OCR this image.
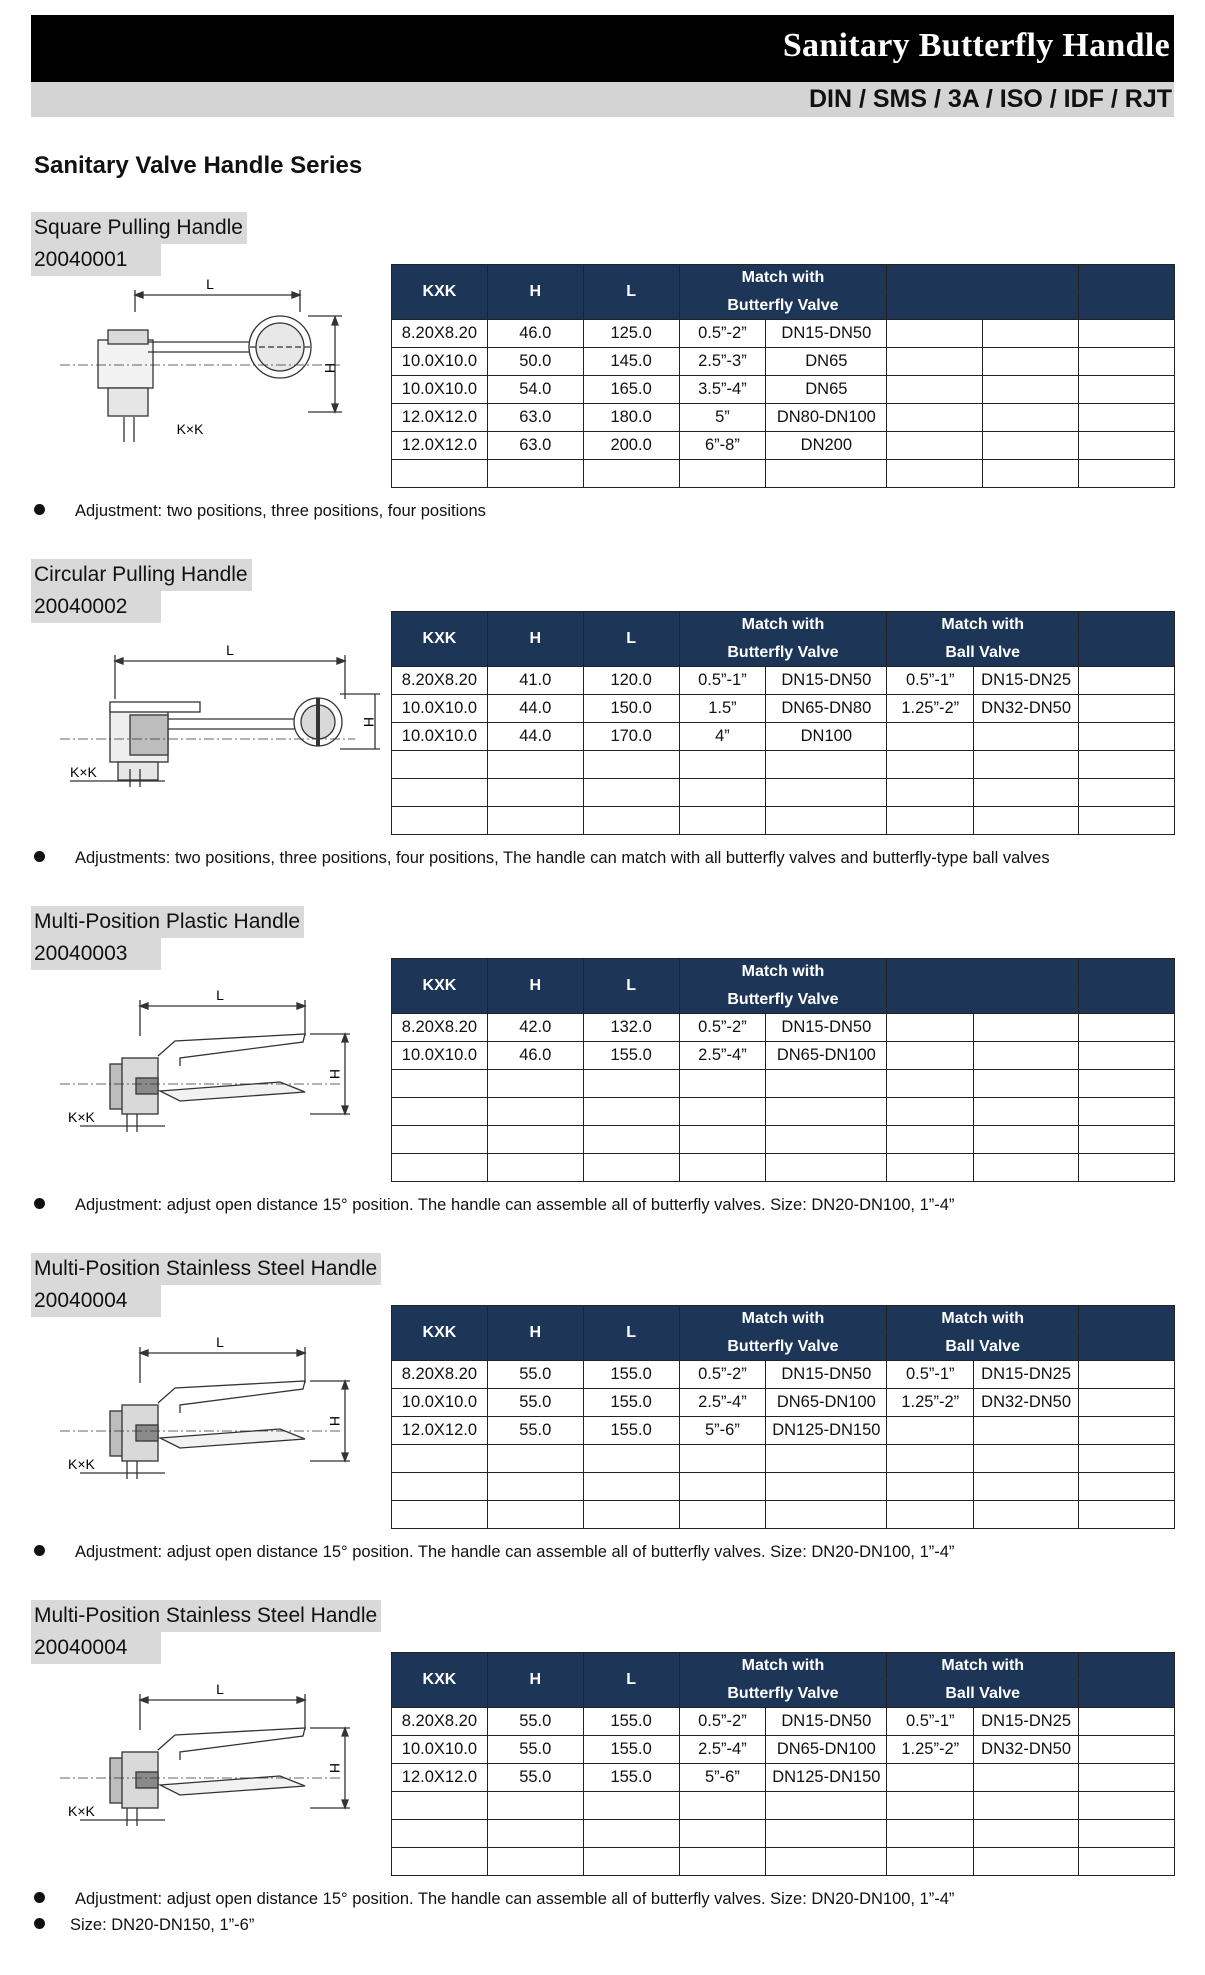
Sanitary Butterfly Handle
DIN / SMS / 3A / ISO / IDF / RJT
Sanitary Valve Handle Series
Square Pulling Handle
20040001
L
H
K×K
KXK	H	L	Match with				
			Butterfly Valve				
8.20X8.20	46.0	125.0	0.5”-2”	DN15-DN50			
10.0X10.0	50.0	145.0	2.5”-3”	DN65			
10.0X10.0	54.0	165.0	3.5”-4”	DN65			
12.0X12.0	63.0	180.0	5”	DN80-DN100			
12.0X12.0	63.0	200.0	6”-8”	DN200			

Adjustment: two positions, three positions, four positions
Circular Pulling Handle
20040002
L
H
K×K
KXK	H	L	Match with		Match with		
			Butterfly Valve		Ball Valve		
8.20X8.20	41.0	120.0	0.5”-1”	DN15-DN50	0.5”-1”	DN15-DN25	
10.0X10.0	44.0	150.0	1.5”	DN65-DN80	1.25”-2”	DN32-DN50	
10.0X10.0	44.0	170.0	4”	DN100			

Adjustments: two positions, three positions, four positions, The handle can match with all butterfly valves and butterfly-type ball valves
Multi-Position Plastic Handle
20040003
L
H
K×K
KXK	H	L	Match with				
			Butterfly Valve				
8.20X8.20	42.0	132.0	0.5”-2”	DN15-DN50			
10.0X10.0	46.0	155.0	2.5”-4”	DN65-DN100			

Adjustment: adjust open distance 15° position. The handle can assemble all of butterfly valves. Size: DN20-DN100, 1”-4”
Multi-Position Stainless Steel Handle
20040004
L
H
K×K
KXK	H	L	Match with		Match with		
			Butterfly Valve		Ball Valve		
8.20X8.20	55.0	155.0	0.5”-2”	DN15-DN50	0.5”-1”	DN15-DN25	
10.0X10.0	55.0	155.0	2.5”-4”	DN65-DN100	1.25”-2”	DN32-DN50	
12.0X12.0	55.0	155.0	5”-6”	DN125-DN150			

Adjustment: adjust open distance 15° position. The handle can assemble all of butterfly valves. Size: DN20-DN100, 1”-4”
Multi-Position Stainless Steel Handle
20040004
L
H
K×K
KXK	H	L	Match with		Match with		
			Butterfly Valve		Ball Valve		
8.20X8.20	55.0	155.0	0.5”-2”	DN15-DN50	0.5”-1”	DN15-DN25	
10.0X10.0	55.0	155.0	2.5”-4”	DN65-DN100	1.25”-2”	DN32-DN50	
12.0X12.0	55.0	155.0	5”-6”	DN125-DN150			

Adjustment: adjust open distance 15° position. The handle can assemble all of butterfly valves. Size: DN20-DN100, 1”-4”
Size: DN20-DN150, 1”-6”
